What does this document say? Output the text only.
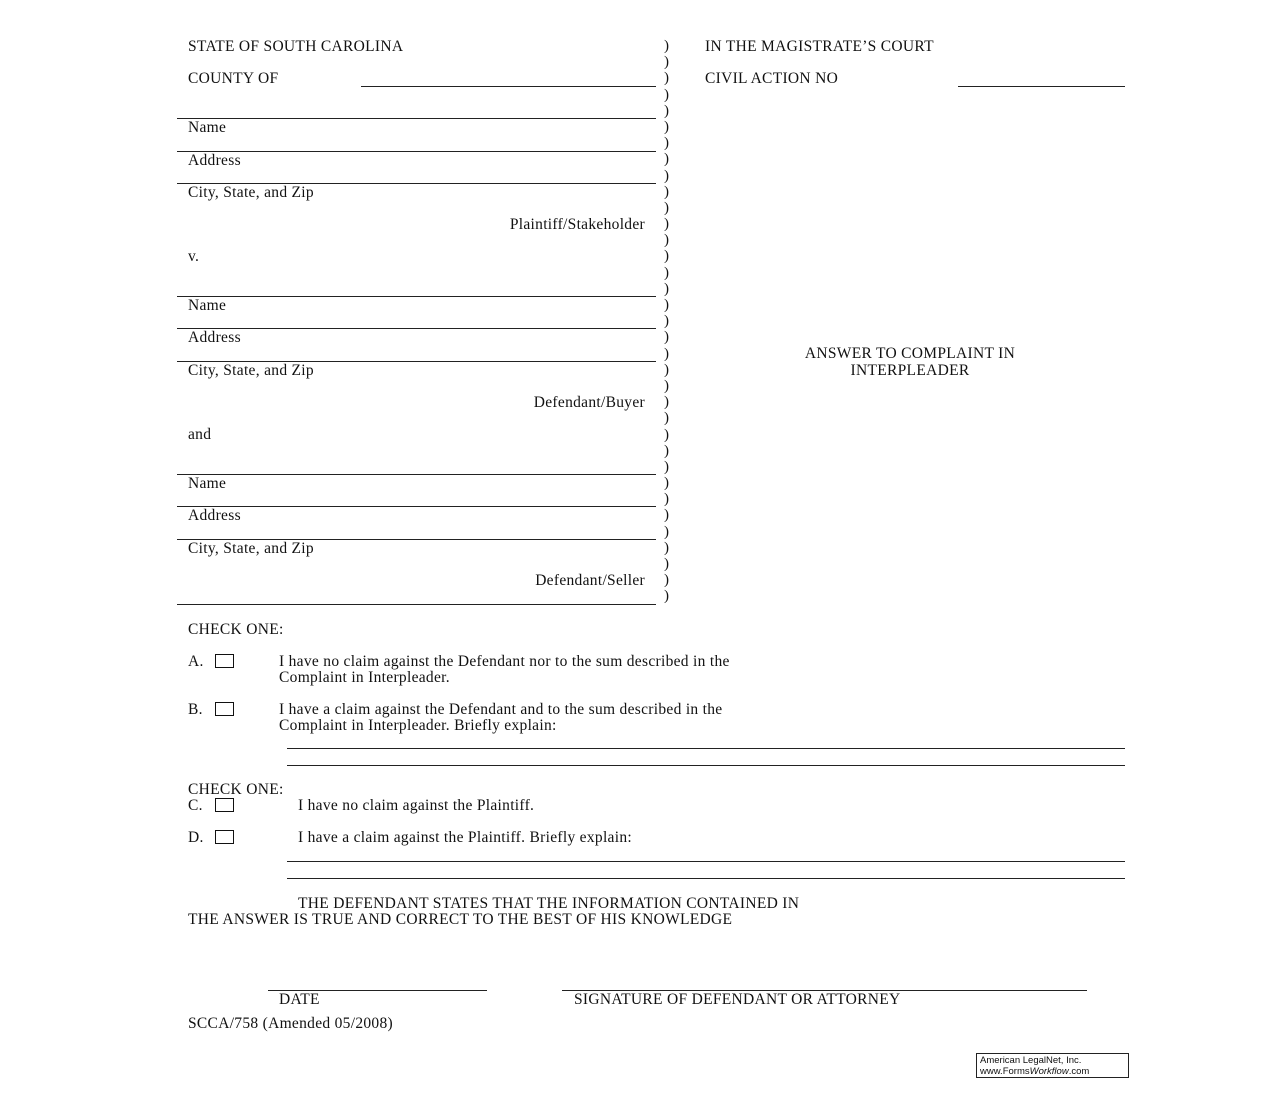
STATE OF SOUTH CAROLINA
COUNTY OF
IN THE MAGISTRATE’S COURT
CIVIL ACTION NO
Name
Address
City, State, and Zip
Plaintiff/Stakeholder
v.
Name
Address
City, State, and Zip
Defendant/Buyer
and
Name
Address
City, State, and Zip
Defendant/Seller
)
)
)
)
)
)
)
)
)
)
)
)
)
)
)
)
)
)
)
)
)
)
)
)
)
)
)
)
)
)
)
)
)
)
)
ANSWER TO COMPLAINT IN
INTERPLEADER
CHECK ONE:
A.	I have no claim against the Defendant nor to the sum described in the
Complaint in Interpleader.
B.	I have a claim against the Defendant and to the sum described in the
Complaint in Interpleader. Briefly explain:
CHECK ONE:
C.	I have no claim against the Plaintiff.
D.	I have a claim against the Plaintiff. Briefly explain:
THE DEFENDANT STATES THAT THE INFORMATION CONTAINED IN
THE ANSWER IS TRUE AND CORRECT TO THE BEST OF HIS KNOWLEDGE
DATE	SIGNATURE OF DEFENDANT OR ATTORNEY
SCCA/758 (Amended 05/2008)
American LegalNet, Inc.
www.FormsWorkflow.com
